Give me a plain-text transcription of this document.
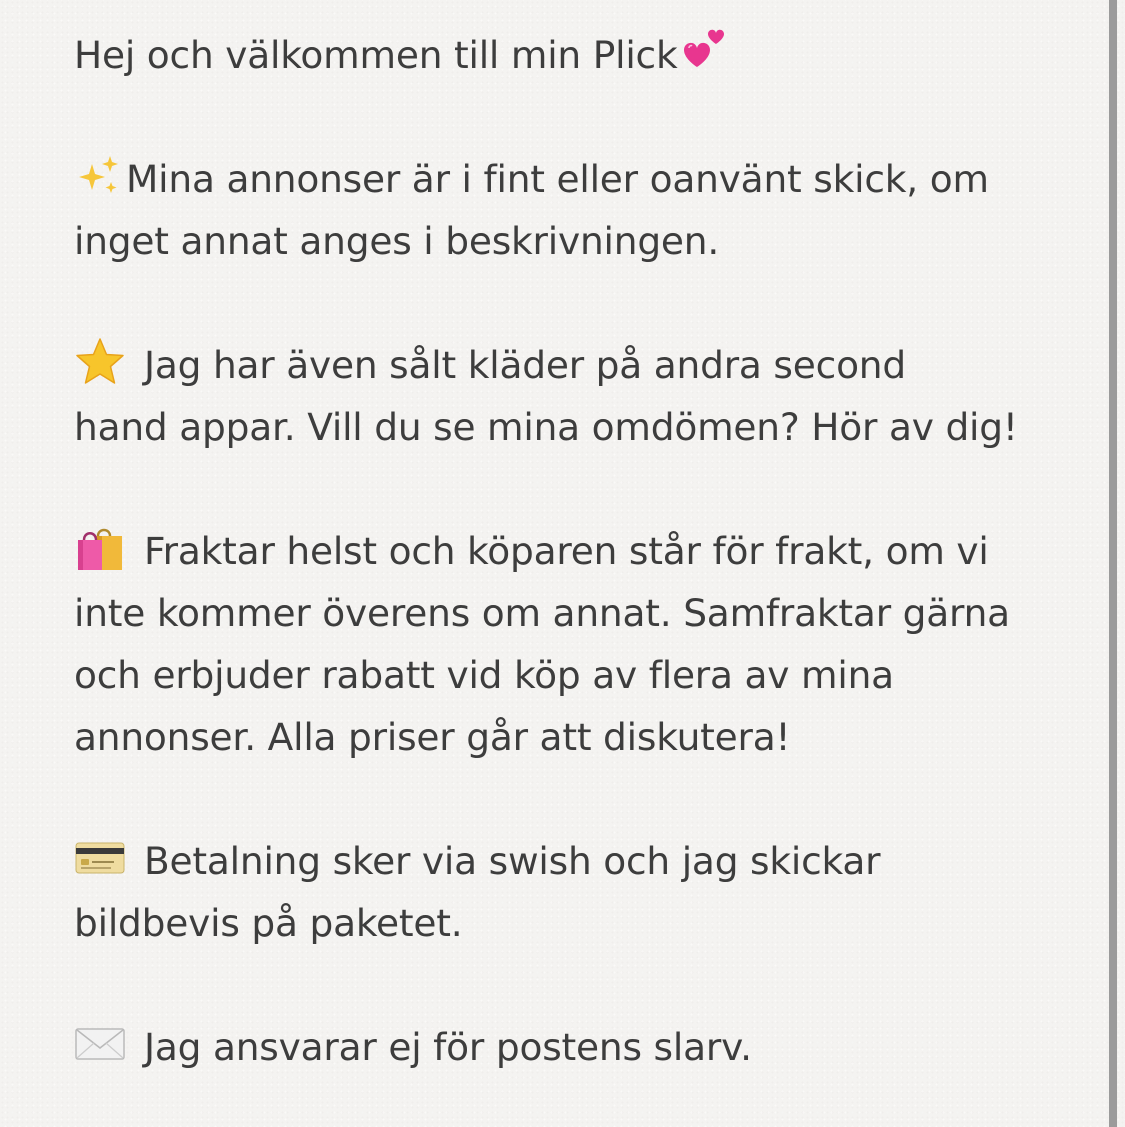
Hej och välkommen till min Plick
Mina annonser är i fint eller oanvänt skick, om
inget annat anges i beskrivningen.
Jag har även sålt kläder på andra second
hand appar. Vill du se mina omdömen? Hör av dig!
Fraktar helst och köparen står för frakt, om vi
inte kommer överens om annat. Samfraktar gärna
och erbjuder rabatt vid köp av flera av mina
annonser. Alla priser går att diskutera!
Betalning sker via swish och jag skickar
bildbevis på paketet.
Jag ansvarar ej för postens slarv.
